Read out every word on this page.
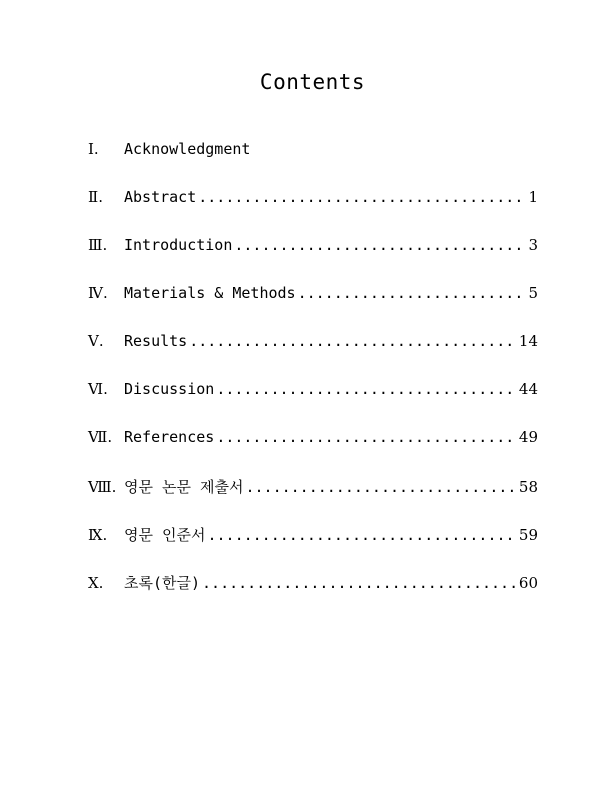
Contents
Ⅰ.	Acknowledgment
Ⅱ.	Abstract .....	1
Ⅲ.	Introduction .....	3
Ⅳ.	Materials & Methods .....	5
Ⅴ.	Results .....	14
Ⅵ.	Discussion .....	44
Ⅶ. References .....	49
Ⅷ. 영문 논문 제출서 .....	58
Ⅸ.	영문 인준서 .....	59
Ⅹ.	초록(한글) .....	60
